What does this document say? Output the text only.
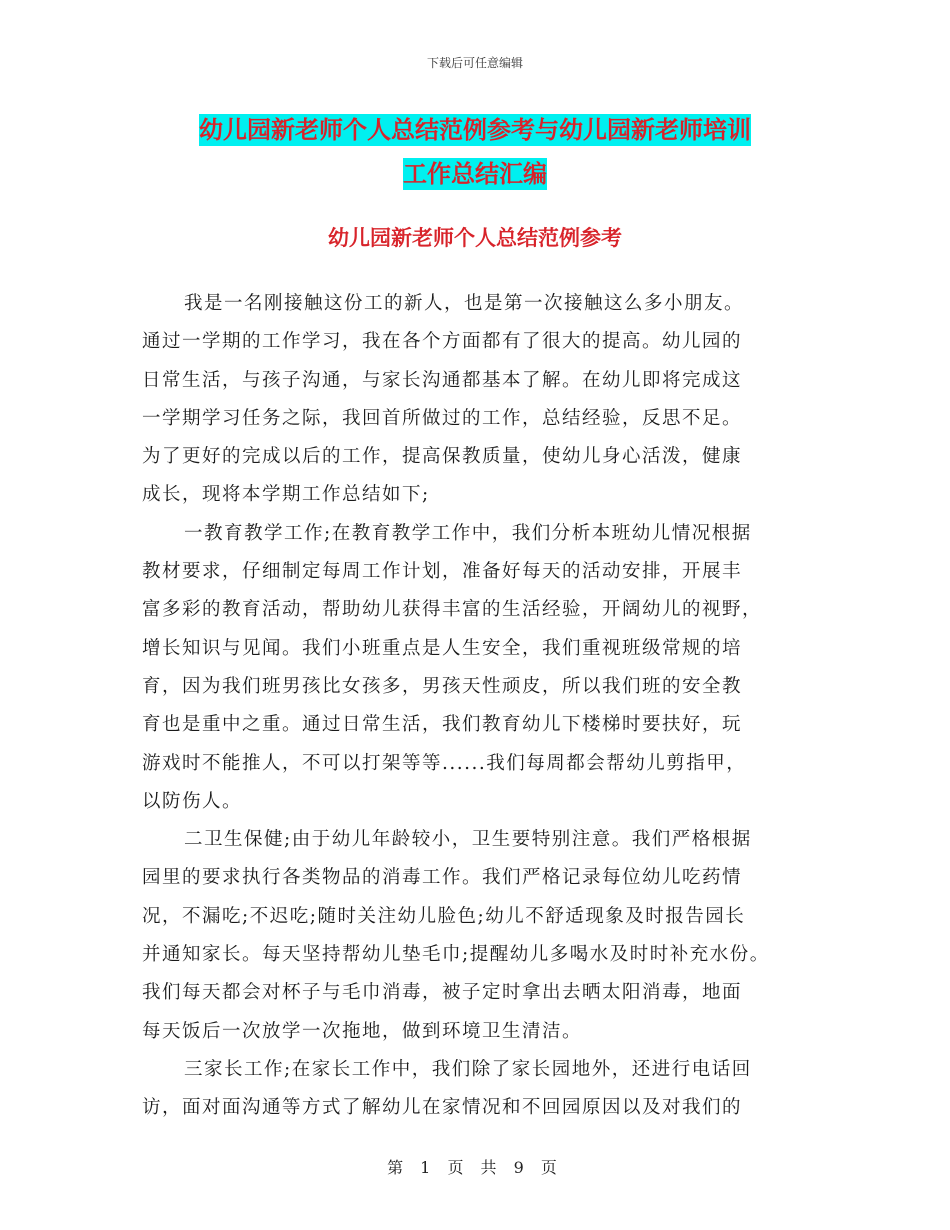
下载后可任意编辑
幼儿园新老师个人总结范例参考与幼儿园新老师培训
工作总结汇编
幼儿园新老师个人总结范例参考

我是一名刚接触这份工的新人，也是第一次接触这么多小朋友。
通过一学期的工作学习，我在各个方面都有了很大的提高。幼儿园的
日常生活，与孩子沟通，与家长沟通都基本了解。在幼儿即将完成这
一学期学习任务之际，我回首所做过的工作，总结经验，反思不足。
为了更好的完成以后的工作，提高保教质量，使幼儿身心活泼，健康
成长，现将本学期工作总结如下;

一教育教学工作;在教育教学工作中，我们分析本班幼儿情况根据
教材要求，仔细制定每周工作计划，准备好每天的活动安排，开展丰
富多彩的教育活动，帮助幼儿获得丰富的生活经验，开阔幼儿的视野，
增长知识与见闻。我们小班重点是人生安全，我们重视班级常规的培
育，因为我们班男孩比女孩多，男孩天性顽皮，所以我们班的安全教
育也是重中之重。通过日常生活，我们教育幼儿下楼梯时要扶好，玩
游戏时不能推人，不可以打架等等......我们每周都会帮幼儿剪指甲，
以防伤人。

二卫生保健;由于幼儿年龄较小，卫生要特别注意。我们严格根据
园里的要求执行各类物品的消毒工作。我们严格记录每位幼儿吃药情
况，不漏吃;不迟吃;随时关注幼儿脸色;幼儿不舒适现象及时报告园长
并通知家长。每天坚持帮幼儿垫毛巾;提醒幼儿多喝水及时时补充水份。
我们每天都会对杯子与毛巾消毒，被子定时拿出去晒太阳消毒，地面
每天饭后一次放学一次拖地，做到环境卫生清洁。

三家长工作;在家长工作中，我们除了家长园地外，还进行电话回
访，面对面沟通等方式了解幼儿在家情况和不回园原因以及对我们的

第 1 页 共 9 页
